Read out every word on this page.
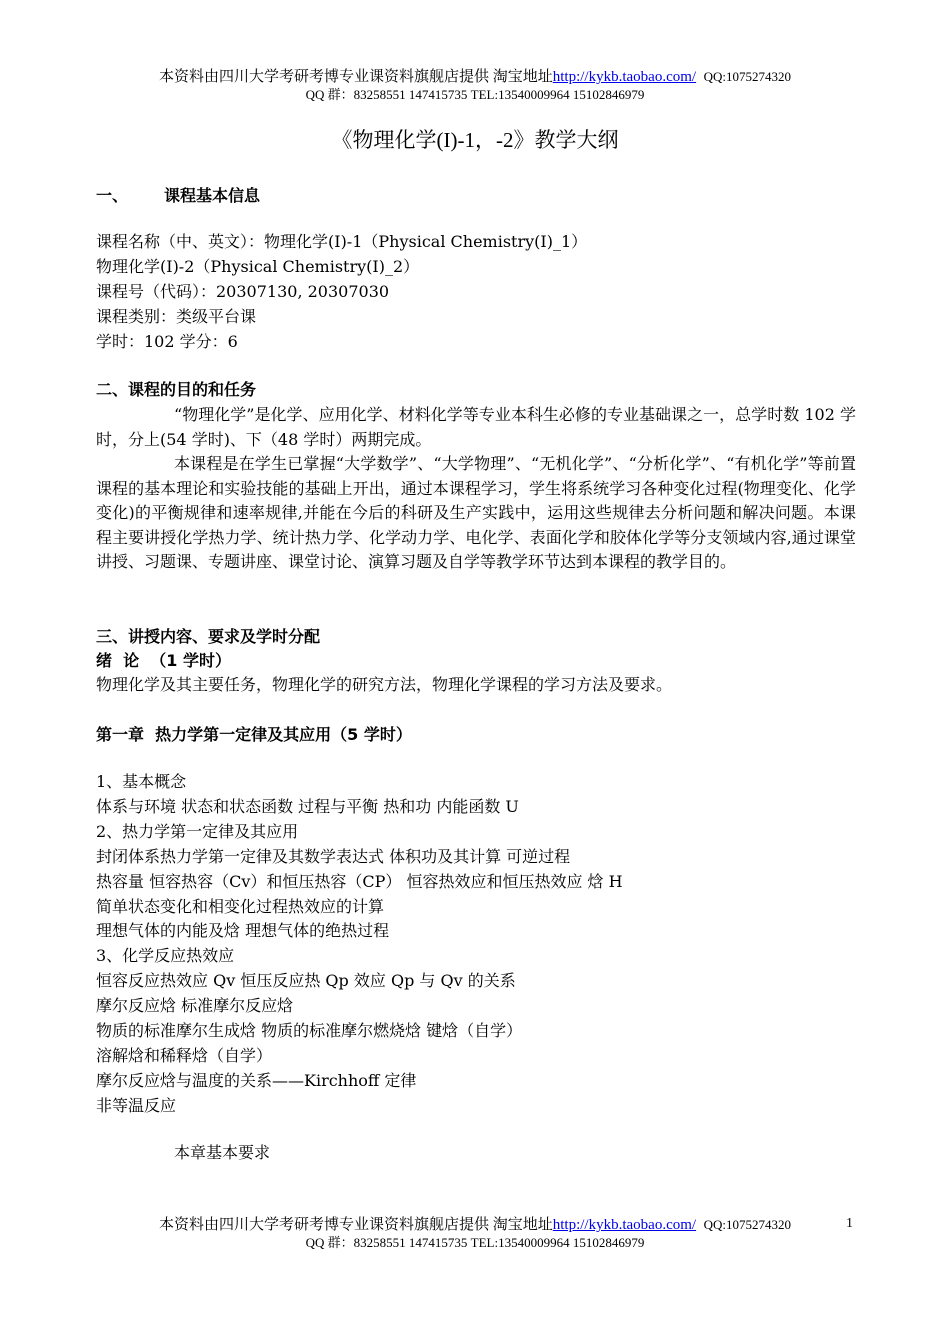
本资料由四川大学考研考博专业课资料旗舰店提供 淘宝地址http://kykb.taobao.com/ QQ:1075274320
QQ 群：83258551 147415735 TEL:13540009964 15102846979
《物理化学(I)-1，-2》教学大纲
一、 课程基本信息
课程名称（中、英文）：物理化学(I)-1（Physical Chemistry(I)_1）
物理化学(I)-2（Physical Chemistry(I)_2）
课程号（代码）：20307130, 20307030
课程类别：类级平台课
学时：102 学分：6
二、课程的目的和任务
“物理化学”是化学、应用化学、材料化学等专业本科生必修的专业基础课之一，总学时数 102 学时，分上(54 学时)、下（48 学时）两期完成。
本课程是在学生已掌握“大学数学”、“大学物理”、“无机化学”、“分析化学”、“有机化学”等前置课程的基本理论和实验技能的基础上开出，通过本课程学习，学生将系统学习各种变化过程(物理变化、化学变化)的平衡规律和速率规律,并能在今后的科研及生产实践中，运用这些规律去分析问题和解决问题。本课程主要讲授化学热力学、统计热力学、化学动力学、电化学、表面化学和胶体化学等分支领域内容,通过课堂讲授、习题课、专题讲座、课堂讨论、演算习题及自学等教学环节达到本课程的教学目的。
三、讲授内容、要求及学时分配
绪  论  （1 学时）
物理化学及其主要任务，物理化学的研究方法，物理化学课程的学习方法及要求。
第一章  热力学第一定律及其应用（5 学时）
1、基本概念
体系与环境 状态和状态函数 过程与平衡 热和功 内能函数 U
2、热力学第一定律及其应用
封闭体系热力学第一定律及其数学表达式 体积功及其计算 可逆过程
热容量 恒容热容（Cv）和恒压热容（CP） 恒容热效应和恒压热效应 焓 H
简单状态变化和相变化过程热效应的计算
理想气体的内能及焓 理想气体的绝热过程
3、化学反应热效应
恒容反应热效应 Qv 恒压反应热 Qp 效应 Qp 与 Qv 的关系
摩尔反应焓 标准摩尔反应焓
物质的标准摩尔生成焓 物质的标准摩尔燃烧焓 键焓（自学）
溶解焓和稀释焓（自学）
摩尔反应焓与温度的关系——Kirchhoff 定律
非等温反应
本章基本要求
本资料由四川大学考研考博专业课资料旗舰店提供 淘宝地址http://kykb.taobao.com/ QQ:1075274320
QQ 群：83258551 147415735 TEL:13540009964 15102846979
1
